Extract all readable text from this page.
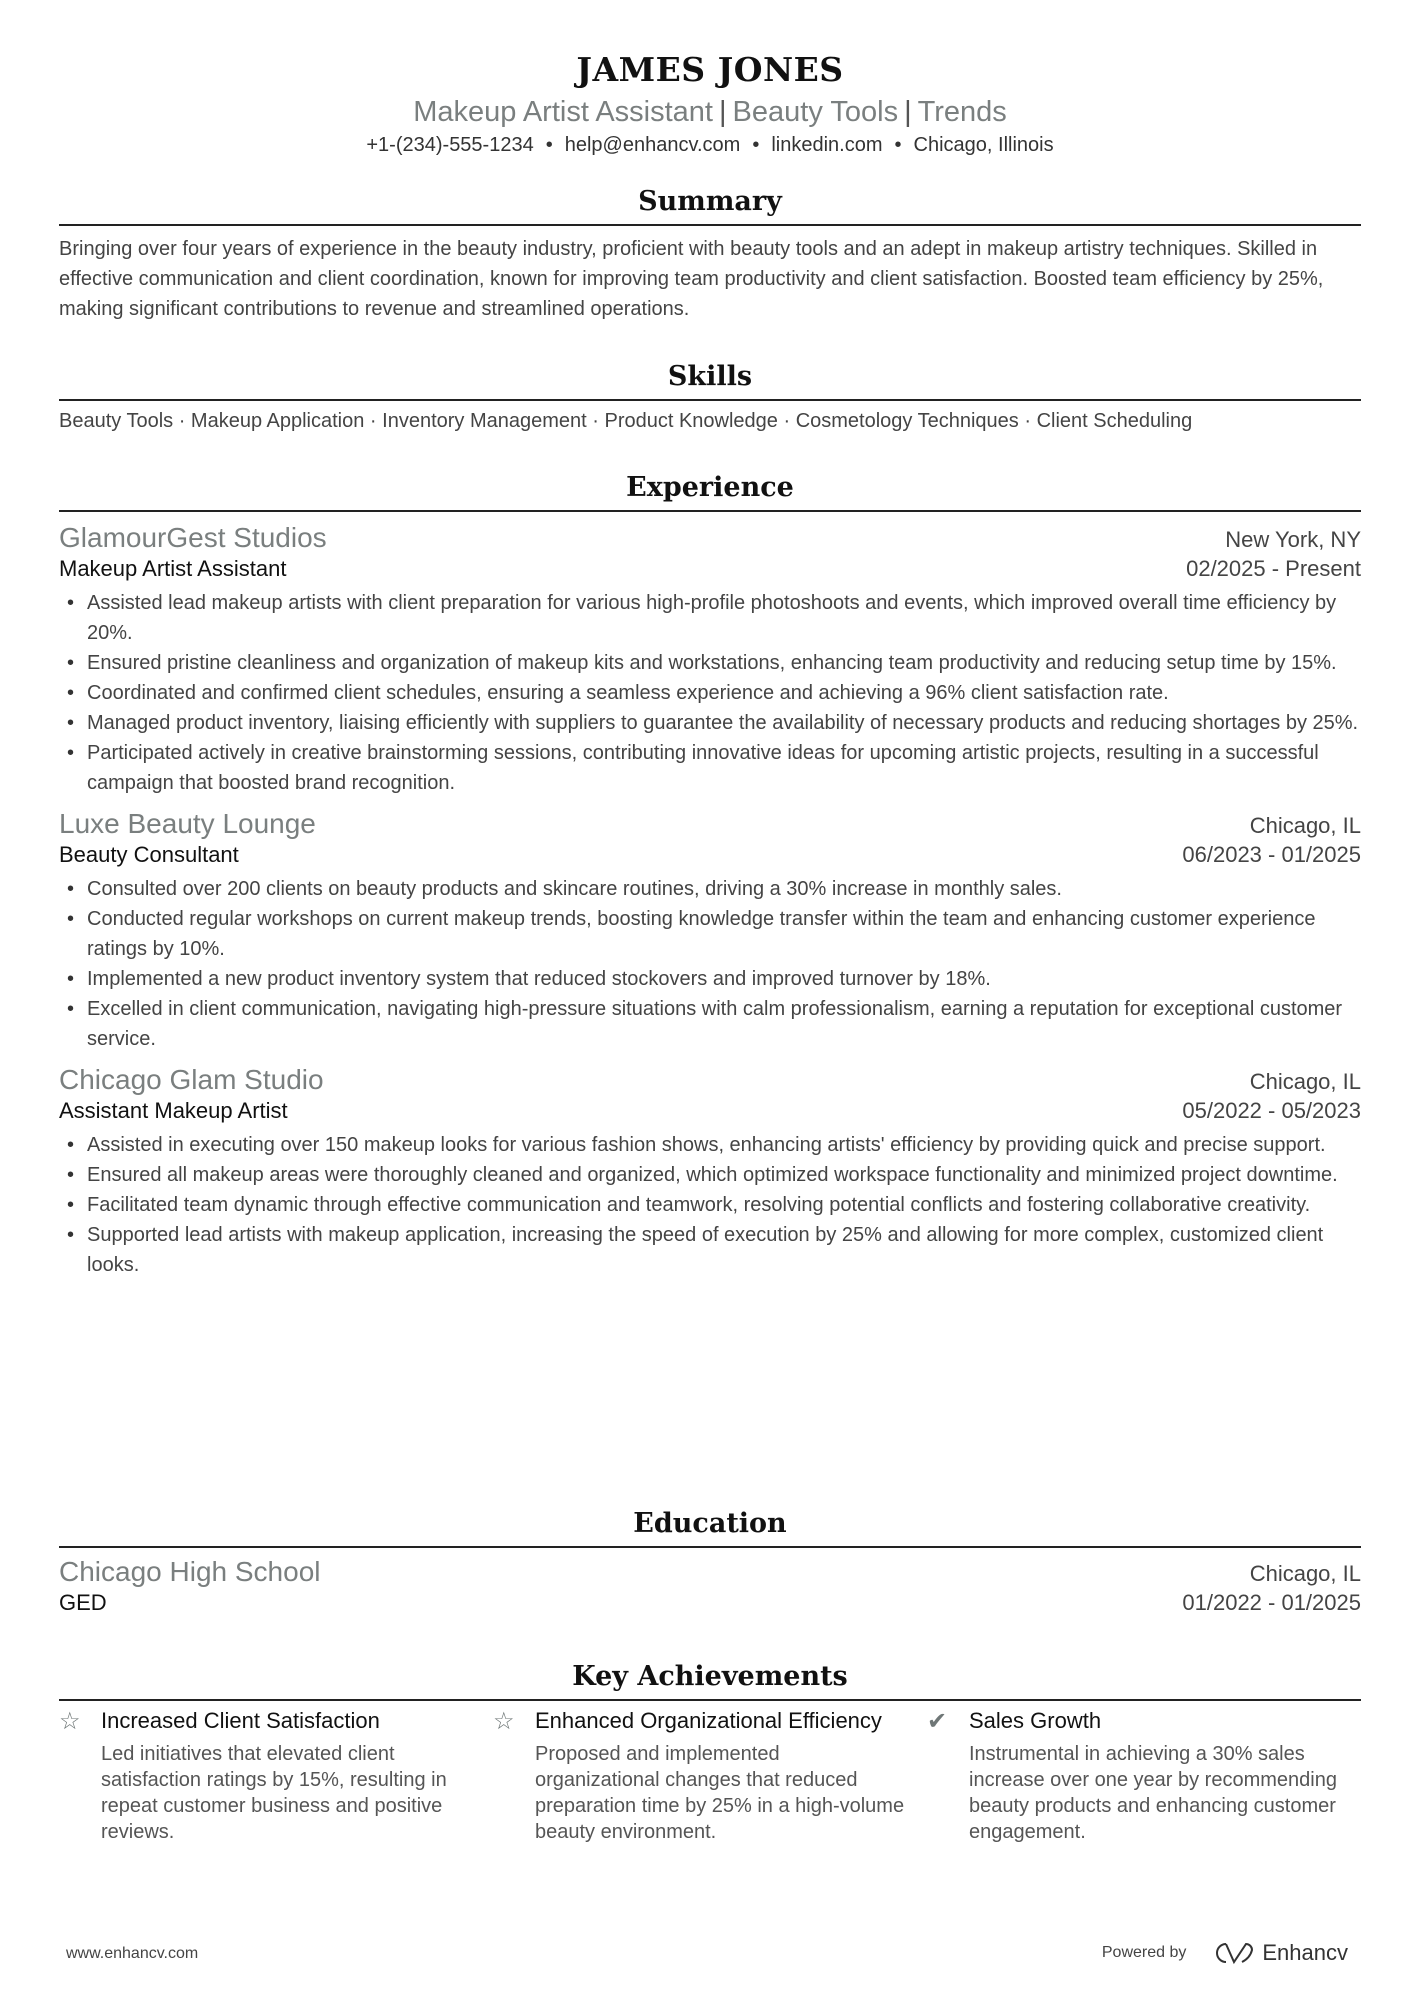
JAMES JONES
Makeup Artist Assistant | Beauty Tools | Trends
+1-(234)-555-1234 • help@enhancv.com • linkedin.com • Chicago, Illinois
Summary
Bringing over four years of experience in the beauty industry, proficient with beauty tools and an adept in makeup artistry techniques. Skilled in effective communication and client coordination, known for improving team productivity and client satisfaction. Boosted team efficiency by 25%, making significant contributions to revenue and streamlined operations.
Skills
Beauty Tools · Makeup Application · Inventory Management · Product Knowledge · Cosmetology Techniques · Client Scheduling
Experience
GlamourGest Studios	New York, NY
Makeup Artist Assistant	02/2025 - Present
• Assisted lead makeup artists with client preparation for various high-profile photoshoots and events, which improved overall time efficiency by 20%.
• Ensured pristine cleanliness and organization of makeup kits and workstations, enhancing team productivity and reducing setup time by 15%.
• Coordinated and confirmed client schedules, ensuring a seamless experience and achieving a 96% client satisfaction rate.
• Managed product inventory, liaising efficiently with suppliers to guarantee the availability of necessary products and reducing shortages by 25%.
• Participated actively in creative brainstorming sessions, contributing innovative ideas for upcoming artistic projects, resulting in a successful campaign that boosted brand recognition.
Luxe Beauty Lounge	Chicago, IL
Beauty Consultant	06/2023 - 01/2025
• Consulted over 200 clients on beauty products and skincare routines, driving a 30% increase in monthly sales.
• Conducted regular workshops on current makeup trends, boosting knowledge transfer within the team and enhancing customer experience ratings by 10%.
• Implemented a new product inventory system that reduced stockovers and improved turnover by 18%.
• Excelled in client communication, navigating high-pressure situations with calm professionalism, earning a reputation for exceptional customer service.
Chicago Glam Studio	Chicago, IL
Assistant Makeup Artist	05/2022 - 05/2023
• Assisted in executing over 150 makeup looks for various fashion shows, enhancing artists' efficiency by providing quick and precise support.
• Ensured all makeup areas were thoroughly cleaned and organized, which optimized workspace functionality and minimized project downtime.
• Facilitated team dynamic through effective communication and teamwork, resolving potential conflicts and fostering collaborative creativity.
• Supported lead artists with makeup application, increasing the speed of execution by 25% and allowing for more complex, customized client looks.
Education
Chicago High School	Chicago, IL
GED	01/2022 - 01/2025
Key Achievements
☆ Increased Client Satisfaction
Led initiatives that elevated client satisfaction ratings by 15%, resulting in repeat customer business and positive reviews.
☆ Enhanced Organizational Efficiency
Proposed and implemented organizational changes that reduced preparation time by 25% in a high-volume beauty environment.
✔ Sales Growth
Instrumental in achieving a 30% sales increase over one year by recommending beauty products and enhancing customer engagement.
www.enhancv.com	Powered by	Enhancv
